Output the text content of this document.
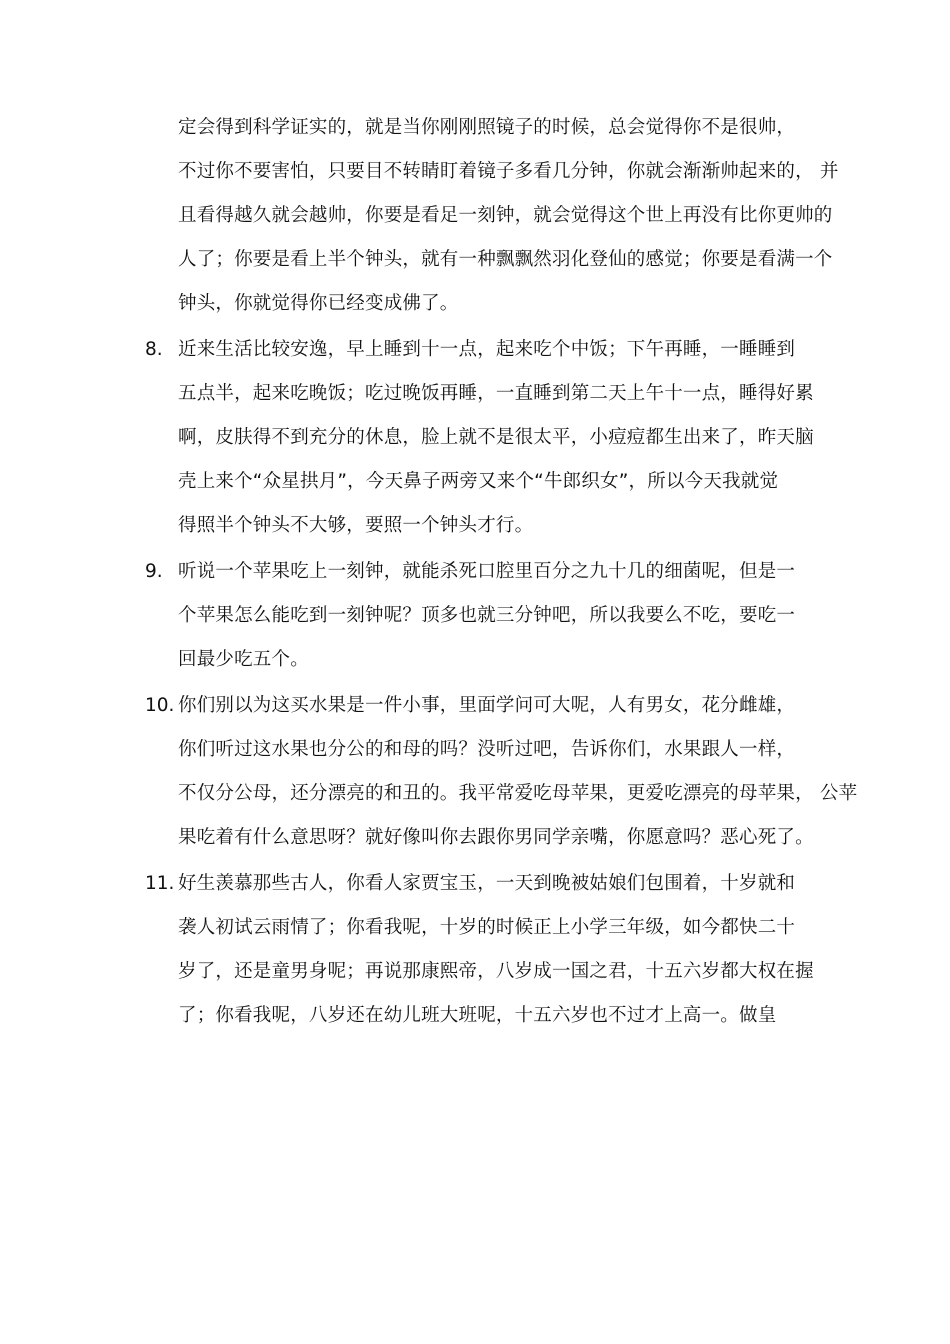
定会得到科学证实的，就是当你刚刚照镜子的时候，总会觉得你不是很帅，
不过你不要害怕，只要目不转睛盯着镜子多看几分钟，你就会渐渐帅起来的， 并
且看得越久就会越帅，你要是看足一刻钟，就会觉得这个世上再没有比你更帅的
人了；你要是看上半个钟头，就有一种飘飘然羽化登仙的感觉；你要是看满一个
钟头，你就觉得你已经变成佛了。
8. 近来生活比较安逸，早上睡到十一点，起来吃个中饭；下午再睡，一睡睡到
五点半，起来吃晚饭；吃过晚饭再睡，一直睡到第二天上午十一点，睡得好累
啊，皮肤得不到充分的休息，脸上就不是很太平，小痘痘都生出来了，昨天脑
壳上来个“众星拱月”，今天鼻子两旁又来个“牛郎织女”，所以今天我就觉
得照半个钟头不大够，要照一个钟头才行。
9. 听说一个苹果吃上一刻钟，就能杀死口腔里百分之九十几的细菌呢，但是一
个苹果怎么能吃到一刻钟呢？顶多也就三分钟吧，所以我要么不吃，要吃一
回最少吃五个。
10. 你们别以为这买水果是一件小事，里面学问可大呢，人有男女，花分雌雄，
你们听过这水果也分公的和母的吗？没听过吧，告诉你们，水果跟人一样，
不仅分公母，还分漂亮的和丑的。我平常爱吃母苹果，更爱吃漂亮的母苹果， 公苹
果吃着有什么意思呀？就好像叫你去跟你男同学亲嘴，你愿意吗？恶心死了。
11. 好生羡慕那些古人，你看人家贾宝玉，一天到晚被姑娘们包围着，十岁就和
袭人初试云雨情了；你看我呢，十岁的时候正上小学三年级，如今都快二十
岁了，还是童男身呢；再说那康熙帝，八岁成一国之君，十五六岁都大权在握
了；你看我呢，八岁还在幼儿班大班呢，十五六岁也不过才上高一。做皇
